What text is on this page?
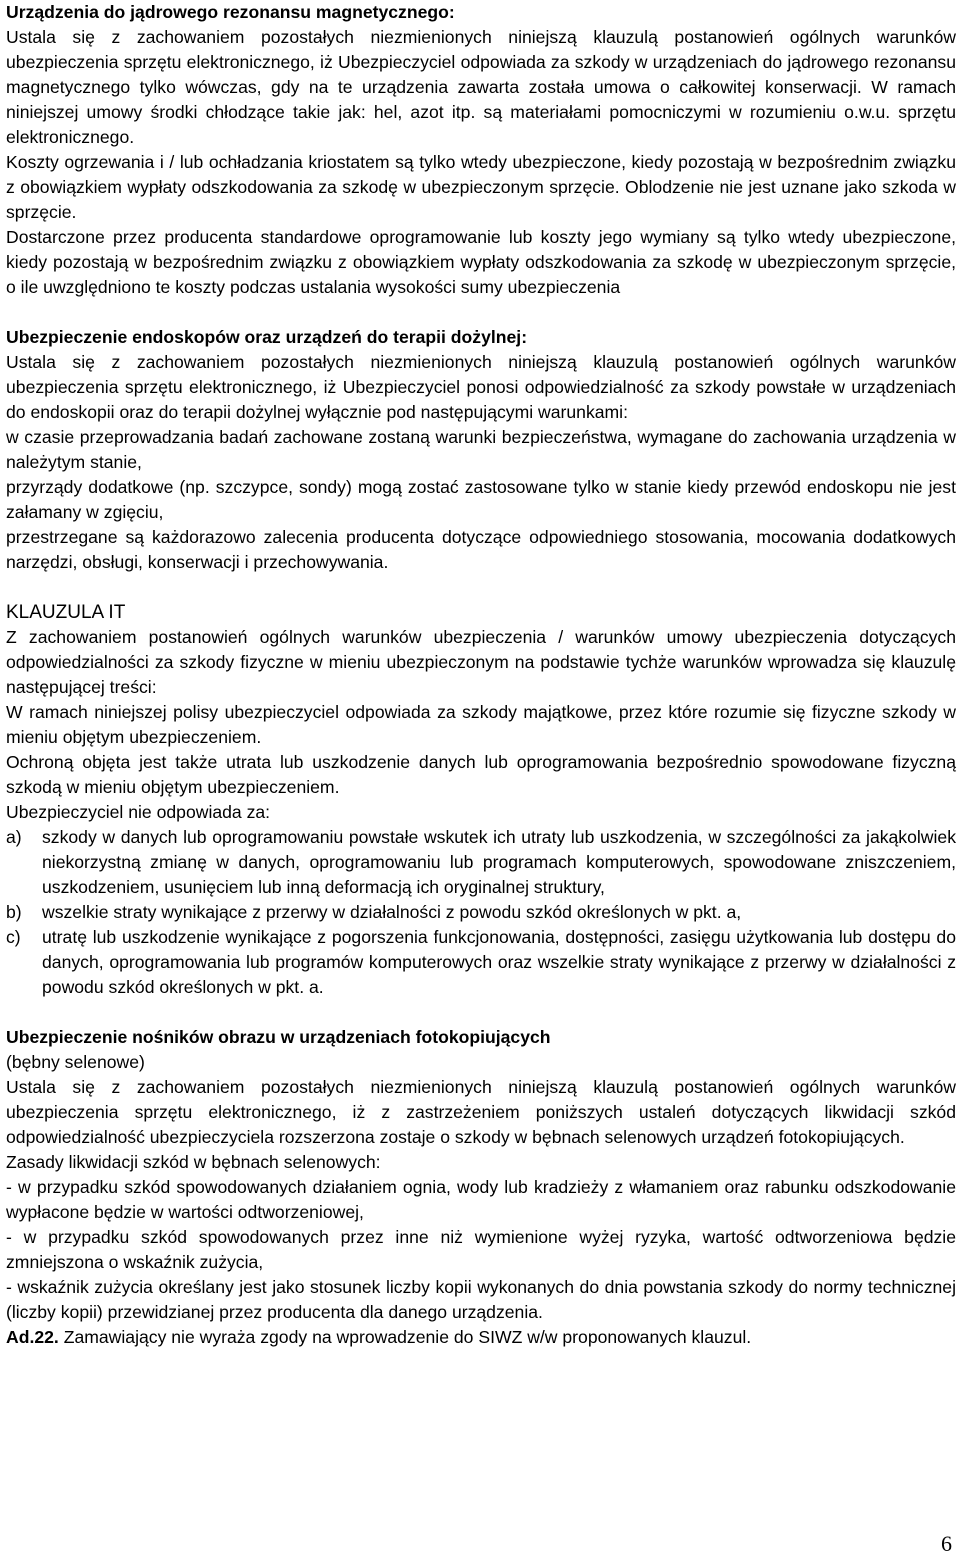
Urządzenia do jądrowego rezonansu magnetycznego:
Ustala się z zachowaniem pozostałych niezmienionych niniejszą klauzulą postanowień ogólnych warunków ubezpieczenia sprzętu elektronicznego, iż Ubezpieczyciel odpowiada za szkody w urządzeniach do jądrowego rezonansu magnetycznego tylko wówczas, gdy na te urządzenia zawarta została umowa o całkowitej konserwacji. W ramach niniejszej umowy środki chłodzące takie jak: hel, azot itp. są materiałami pomocniczymi w rozumieniu o.w.u. sprzętu elektronicznego.
Koszty ogrzewania i / lub ochładzania kriostatem są tylko wtedy ubezpieczone, kiedy pozostają w bezpośrednim związku z obowiązkiem wypłaty odszkodowania za szkodę w ubezpieczonym sprzęcie. Oblodzenie nie jest uznane jako szkoda w sprzęcie.
Dostarczone przez producenta standardowe oprogramowanie lub koszty jego wymiany są tylko wtedy ubezpieczone, kiedy pozostają w bezpośrednim związku z obowiązkiem wypłaty odszkodowania za szkodę w ubezpieczonym sprzęcie, o ile uwzględniono te koszty podczas ustalania wysokości sumy ubezpieczenia
Ubezpieczenie endoskopów oraz urządzeń do terapii dożylnej:
Ustala się z zachowaniem pozostałych niezmienionych niniejszą klauzulą postanowień ogólnych warunków ubezpieczenia sprzętu elektronicznego, iż Ubezpieczyciel ponosi odpowiedzialność za szkody powstałe w urządzeniach do endoskopii oraz do terapii dożylnej wyłącznie pod następującymi warunkami:
w czasie przeprowadzania badań zachowane zostaną warunki bezpieczeństwa, wymagane do zachowania urządzenia w należytym stanie,
przyrządy dodatkowe (np. szczypce, sondy) mogą zostać zastosowane tylko w stanie kiedy przewód endoskopu nie jest załamany w zgięciu,
przestrzegane są każdorazowo zalecenia producenta dotyczące odpowiedniego stosowania, mocowania dodatkowych narzędzi, obsługi, konserwacji i przechowywania.
KLAUZULA IT
Z zachowaniem postanowień ogólnych warunków ubezpieczenia / warunków umowy ubezpieczenia dotyczących odpowiedzialności za szkody fizyczne w mieniu ubezpieczonym na podstawie tychże warunków wprowadza się klauzulę następującej treści:
W ramach niniejszej polisy ubezpieczyciel odpowiada za szkody majątkowe, przez które rozumie się fizyczne szkody w mieniu objętym ubezpieczeniem.
Ochroną objęta jest także utrata lub uszkodzenie danych lub oprogramowania bezpośrednio spowodowane fizyczną szkodą w mieniu objętym ubezpieczeniem.
Ubezpieczyciel nie odpowiada za:
a)	szkody w danych lub oprogramowaniu powstałe wskutek ich utraty lub uszkodzenia, w szczególności za jakąkolwiek niekorzystną zmianę w danych, oprogramowaniu lub programach komputerowych, spowodowane zniszczeniem, uszkodzeniem, usunięciem lub inną deformacją ich oryginalnej struktury,
b)	wszelkie straty wynikające z przerwy w działalności z powodu szkód określonych w pkt. a,
c)	utratę lub uszkodzenie wynikające z pogorszenia funkcjonowania, dostępności, zasięgu użytkowania lub dostępu do danych, oprogramowania lub programów komputerowych oraz wszelkie straty wynikające z przerwy w działalności z powodu szkód określonych w pkt. a.
Ubezpieczenie nośników obrazu w urządzeniach fotokopiujących
(bębny selenowe)
Ustala się z zachowaniem pozostałych niezmienionych niniejszą klauzulą postanowień ogólnych warunków ubezpieczenia sprzętu elektronicznego, iż z zastrzeżeniem poniższych ustaleń dotyczących likwidacji szkód odpowiedzialność ubezpieczyciela rozszerzona zostaje o szkody w bębnach selenowych urządzeń fotokopiujących.
Zasady likwidacji szkód w bębnach selenowych:
- w przypadku szkód spowodowanych działaniem ognia, wody lub kradzieży z włamaniem oraz rabunku odszkodowanie wypłacone będzie w wartości odtworzeniowej,
- w przypadku szkód spowodowanych przez inne niż wymienione wyżej ryzyka, wartość odtworzeniowa będzie zmniejszona o wskaźnik zużycia,
- wskaźnik zużycia określany jest jako stosunek liczby kopii wykonanych do dnia powstania szkody do normy technicznej (liczby kopii) przewidzianej przez producenta dla danego urządzenia.
Ad.22. Zamawiający nie wyraża zgody na wprowadzenie do SIWZ w/w proponowanych klauzul.
6
